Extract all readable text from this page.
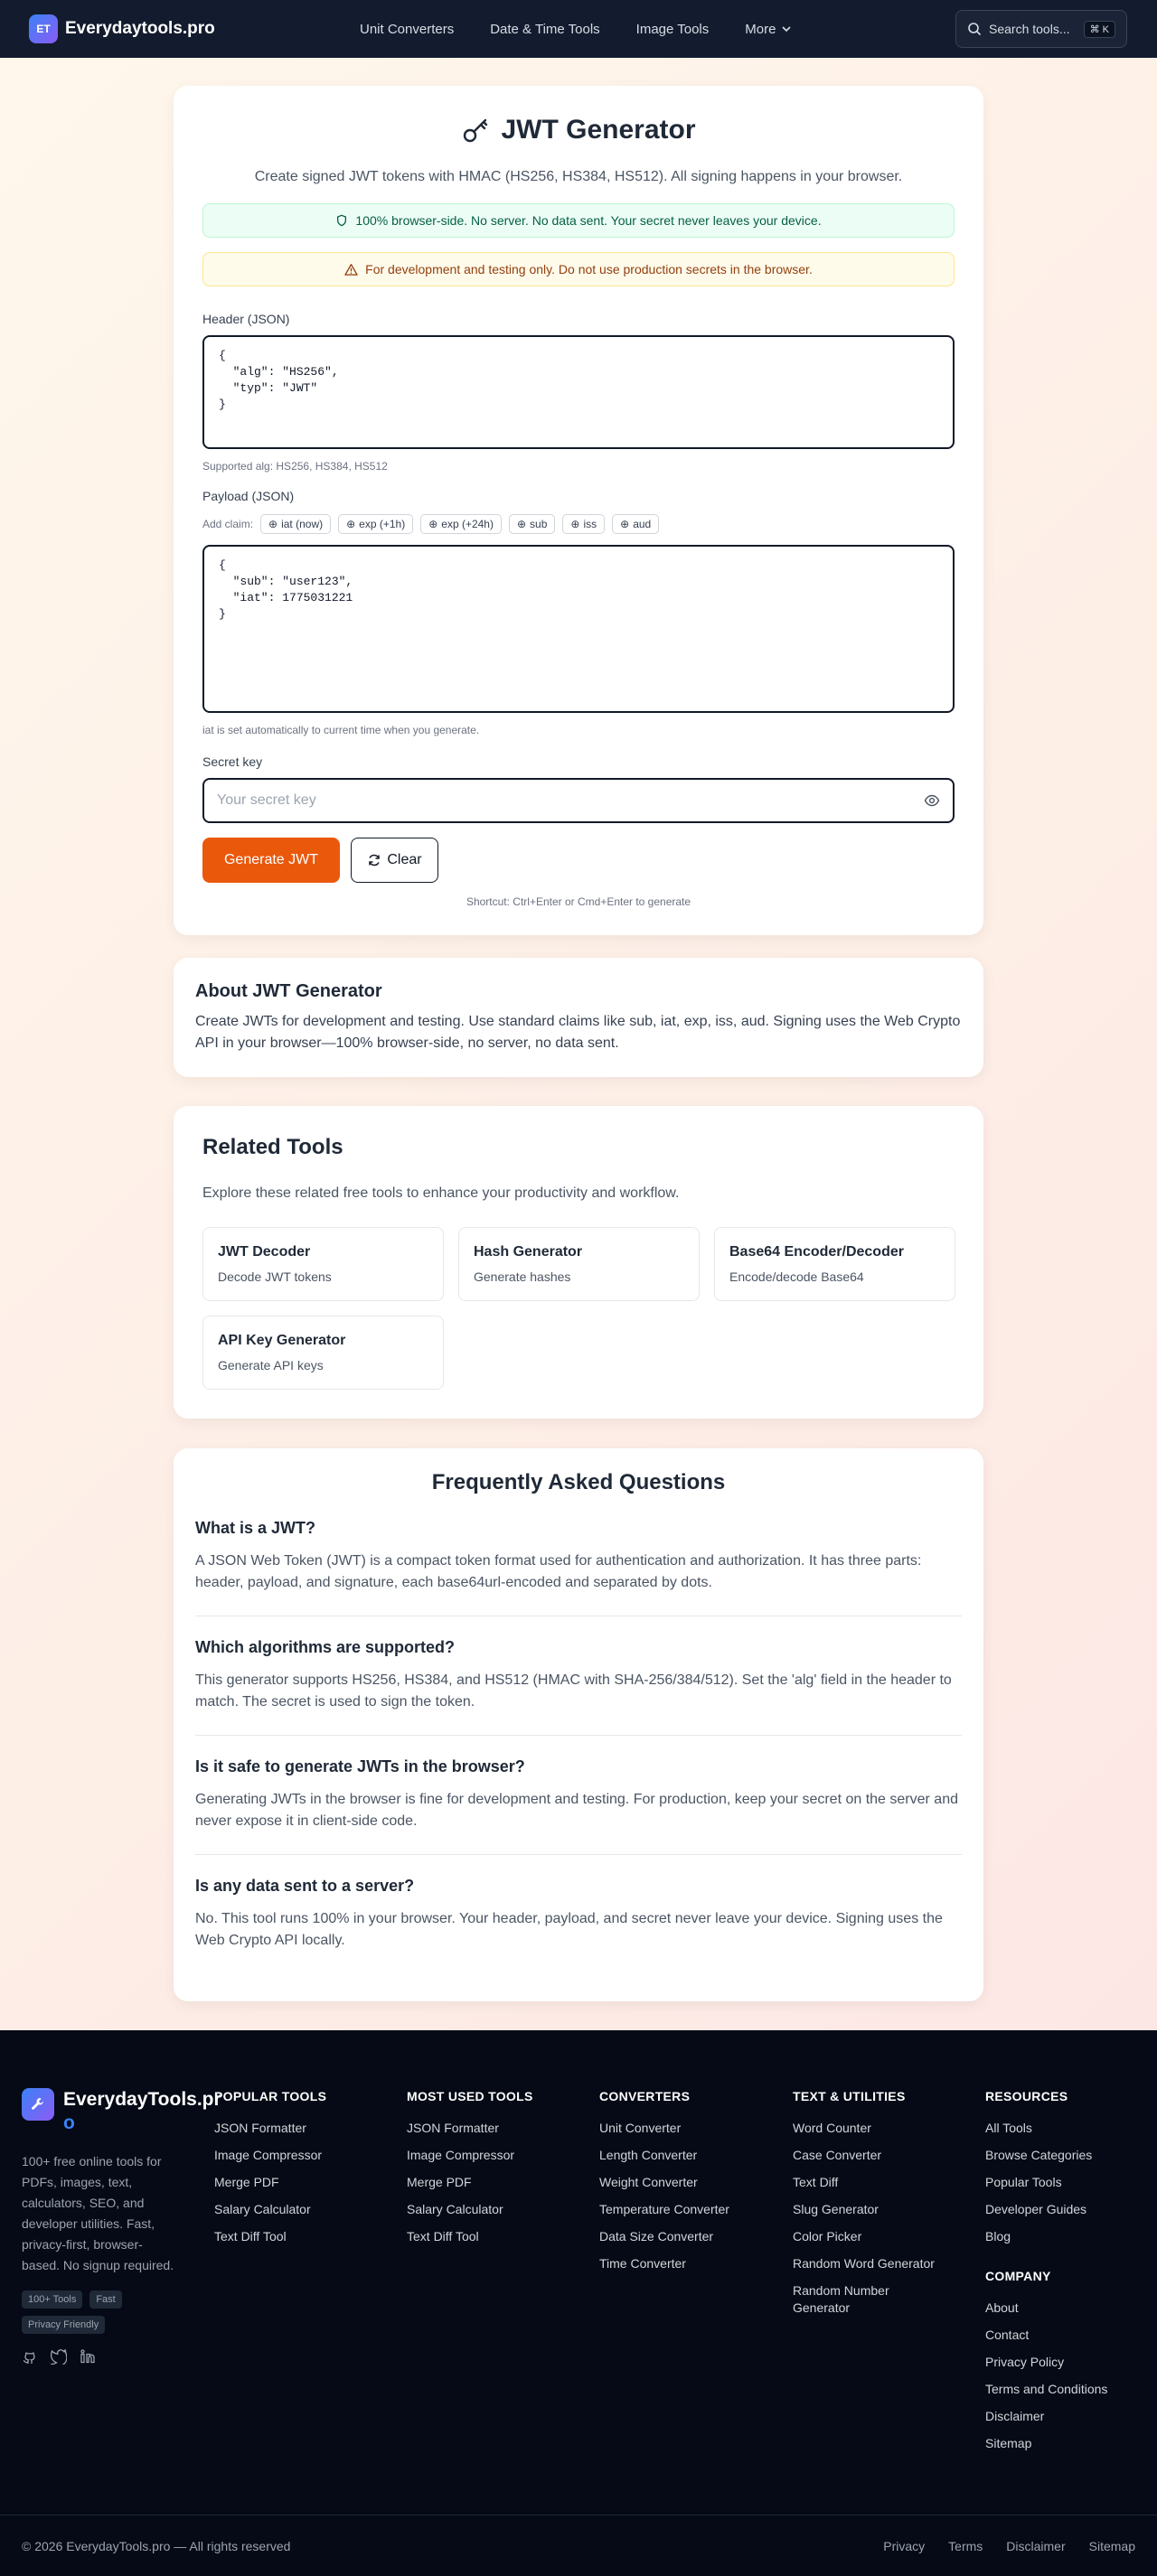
ET Everydaytools.pro	Unit Converters	Date & Time Tools	Image Tools	More	Search tools...	⌘ K
JWT Generator

Create signed JWT tokens with HMAC (HS256, HS384, HS512). All signing happens in your browser.

100% browser-side. No server. No data sent. Your secret never leaves your device.
For development and testing only. Do not use production secrets in the browser.
Header (JSON)
{
"alg": "HS256",
"typ": "JWT"
}
Supported alg: HS256, HS384, HS512
Payload (JSON)
Add claim: ⊕ iat (now) ⊕ exp (+1h) ⊕ exp (+24h) ⊕ sub ⊕ iss ⊕ aud
{
"sub": "user123",
"iat": 1775031221
}
iat is set automatically to current time when you generate.
Secret key
Your secret key
Generate JWT	Clear
Shortcut: Ctrl+Enter or Cmd+Enter to generate
About JWT Generator

Create JWTs for development and testing. Use standard claims like sub, iat, exp, iss, aud. Signing uses the Web Crypto API in your browser—100% browser-side, no server, no data sent.

Related Tools

Explore these related free tools to enhance your productivity and workflow.

JWT Decoder
Decode JWT tokens
Hash Generator
Generate hashes
Base64 Encoder/Decoder
Encode/decode Base64
API Key Generator
Generate API keys
Frequently Asked Questions
What is a JWT?
A JSON Web Token (JWT) is a compact token format used for authentication and authorization. It has three parts: header, payload, and signature, each base64url-encoded and separated by dots.
Which algorithms are supported?
This generator supports HS256, HS384, and HS512 (HMAC with SHA-256/384/512). Set the 'alg' field in the header to match. The secret is used to sign the token.
Is it safe to generate JWTs in the browser?
Generating JWTs in the browser is fine for development and testing. For production, keep your secret on the server and never expose it in client-side code.
Is any data sent to a server?
No. This tool runs 100% in your browser. Your header, payload, and secret never leave your device. Signing uses the Web Crypto API locally.
EverydayTools.pr
o
100+ free online tools for PDFs, images, text, calculators, SEO, and developer utilities. Fast, privacy-first, browser-based. No signup required.
100+ Tools	Fast
Privacy Friendly
POPULAR TOOLS
JSON Formatter
Image Compressor
Merge PDF
Salary Calculator
Text Diff Tool
MOST USED TOOLS
JSON Formatter
Image Compressor
Merge PDF
Salary Calculator
Text Diff Tool
CONVERTERS
Unit Converter
Length Converter
Weight Converter
Temperature Converter
Data Size Converter
Time Converter
TEXT & UTILITIES
Word Counter
Case Converter
Text Diff
Slug Generator
Color Picker
Random Word Generator
Random Number Generator
RESOURCES
All Tools
Browse Categories
Popular Tools
Developer Guides
Blog
COMPANY
About
Contact
Privacy Policy
Terms and Conditions
Disclaimer
Sitemap
© 2026 EverydayTools.pro — All rights reserved	Privacy Terms Disclaimer Sitemap
